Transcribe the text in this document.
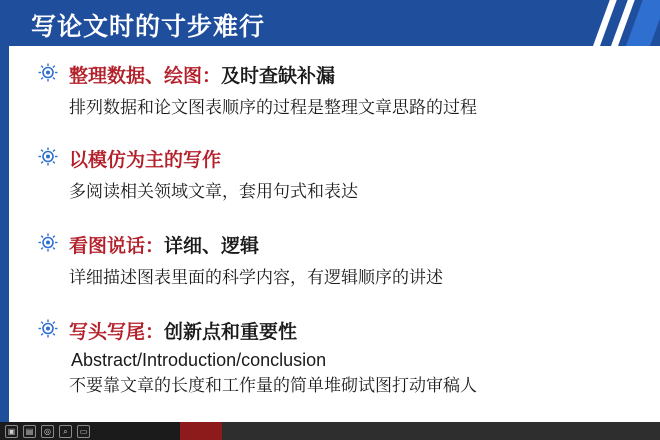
写论文时的寸步难行
整理数据、绘图：及时查缺补漏
排列数据和论文图表顺序的过程是整理文章思路的过程
以模仿为主的写作
多阅读相关领域文章，套用句式和表达
看图说话：详细、逻辑
详细描述图表里面的科学内容，有逻辑顺序的讲述
写头写尾：创新点和重要性
Abstract/Introduction/conclusion
不要靠文章的长度和工作量的简单堆砌试图打动审稿人
▣	▤	◎	⌕	▭
